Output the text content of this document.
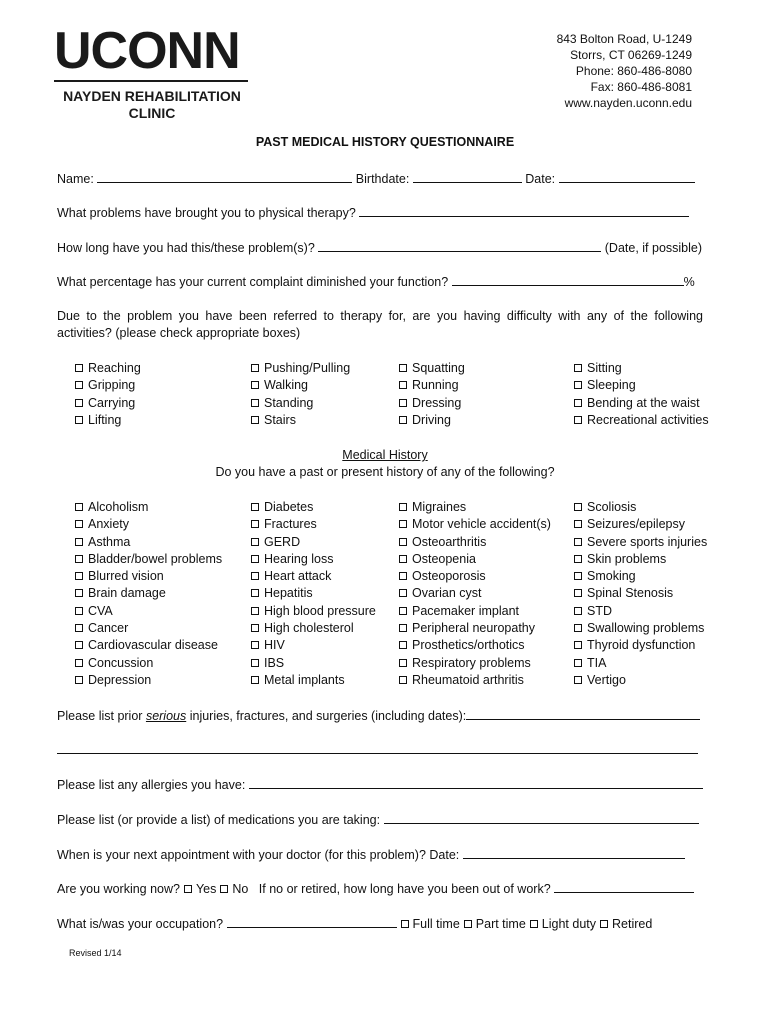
UCONN
NAYDEN REHABILITATION
CLINIC
843 Bolton Road, U-1249
Storrs, CT 06269-1249
Phone: 860-486-8080
Fax: 860-486-8081
www.nayden.uconn.edu
PAST MEDICAL HISTORY QUESTIONNAIRE
Name:	Birthdate:	Date:
What problems have brought you to physical therapy?
How long have you had this/these problem(s)?	(Date, if possible)
What percentage has your current complaint diminished your function?	%
Due to the problem you have been referred to therapy for, are you having difficulty with any of the following activities? (please check appropriate boxes)
Reaching
Gripping
Carrying
Lifting
Pushing/Pulling
Walking
Standing
Stairs
Squatting
Running
Dressing
Driving
Sitting
Sleeping
Bending at the waist
Recreational activities
Medical History
Do you have a past or present history of any of the following?
Alcoholism
Anxiety
Asthma
Bladder/bowel problems
Blurred vision
Brain damage
CVA
Cancer
Cardiovascular disease
Concussion
Depression
Diabetes
Fractures
GERD
Hearing loss
Heart attack
Hepatitis
High blood pressure
High cholesterol
HIV
IBS
Metal implants
Migraines
Motor vehicle accident(s)
Osteoarthritis
Osteopenia
Osteoporosis
Ovarian cyst
Pacemaker implant
Peripheral neuropathy
Prosthetics/orthotics
Respiratory problems
Rheumatoid arthritis
Scoliosis
Seizures/epilepsy
Severe sports injuries
Skin problems
Smoking
Spinal Stenosis
STD
Swallowing problems
Thyroid dysfunction
TIA
Vertigo
Please list prior serious injuries, fractures, and surgeries (including dates):
Please list any allergies you have:
Please list (or provide a list) of medications you are taking:
When is your next appointment with your doctor (for this problem)? Date:
Are you working now? Yes No If no or retired, how long have you been out of work?
What is/was your occupation?	Full time Part time Light duty Retired
Revised 1/14
